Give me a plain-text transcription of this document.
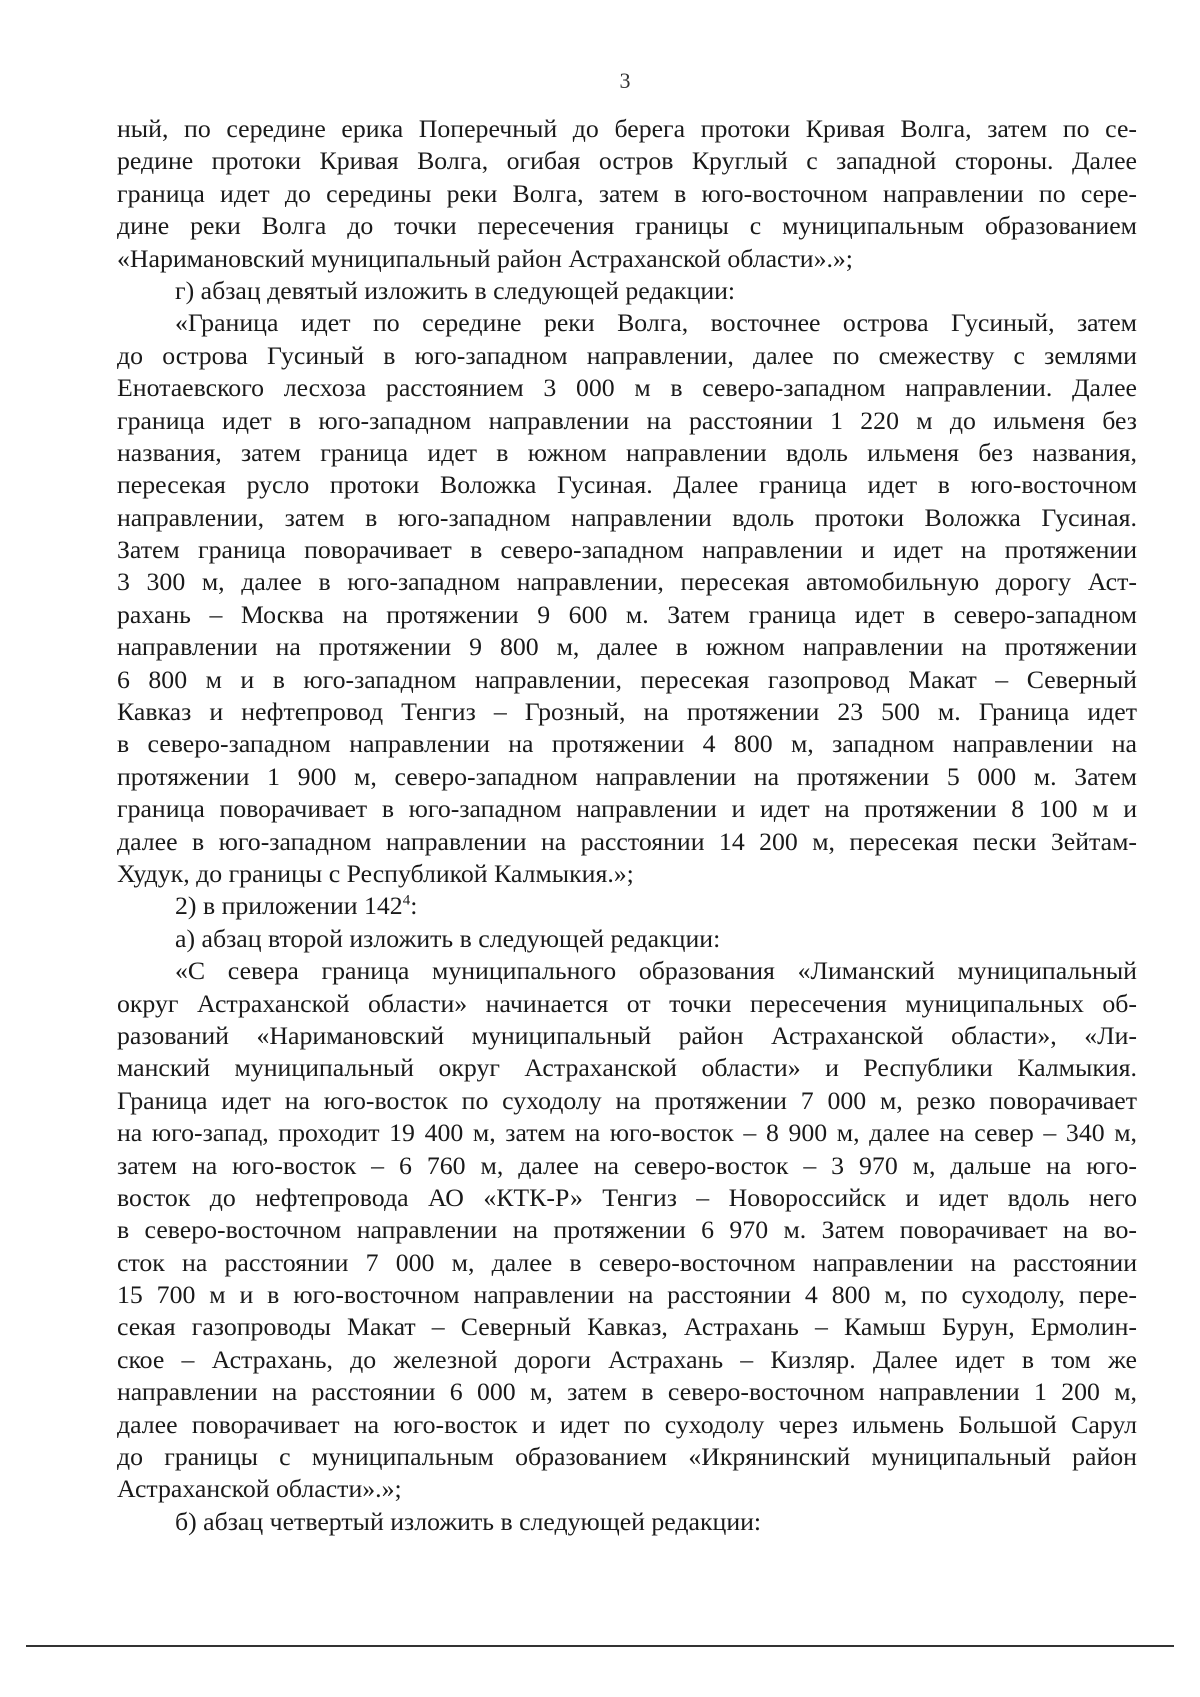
3
ный, по середине ерика Поперечный до берега протоки Кривая Волга, затем по се-
редине протоки Кривая Волга, огибая остров Круглый с западной стороны. Далее
граница идет до середины реки Волга, затем в юго-восточном направлении по сере-
дине реки Волга до точки пересечения границы с муниципальным образованием
«Наримановский муниципальный район Астраханской области».»;
г) абзац девятый изложить в следующей редакции:
«Граница идет по середине реки Волга, восточнее острова Гусиный, затем
до острова Гусиный в юго-западном направлении, далее по смежеству с землями
Енотаевского лесхоза расстоянием 3 000 м в северо-западном направлении. Далее
граница идет в юго-западном направлении на расстоянии 1 220 м до ильменя без
названия, затем граница идет в южном направлении вдоль ильменя без названия,
пересекая русло протоки Воложка Гусиная. Далее граница идет в юго-восточном
направлении, затем в юго-западном направлении вдоль протоки Воложка Гусиная.
Затем граница поворачивает в северо-западном направлении и идет на протяжении
3 300 м, далее в юго-западном направлении, пересекая автомобильную дорогу Аст-
рахань – Москва на протяжении 9 600 м. Затем граница идет в северо-западном
направлении на протяжении 9 800 м, далее в южном направлении на протяжении
6 800 м и в юго-западном направлении, пересекая газопровод Макат – Северный
Кавказ и нефтепровод Тенгиз – Грозный, на протяжении 23 500 м. Граница идет
в северо-западном направлении на протяжении 4 800 м, западном направлении на
протяжении 1 900 м, северо-западном направлении на протяжении 5 000 м. Затем
граница поворачивает в юго-западном направлении и идет на протяжении 8 100 м и
далее в юго-западном направлении на расстоянии 14 200 м, пересекая пески Зейтам-
Худук, до границы с Республикой Калмыкия.»;
2) в приложении $142^4$:
а) абзац второй изложить в следующей редакции:
«С севера граница муниципального образования «Лиманский муниципальный
округ Астраханской области» начинается от точки пересечения муниципальных об-
разований «Наримановский муниципальный район Астраханской области», «Ли-
манский муниципальный округ Астраханской области» и Республики Калмыкия.
Граница идет на юго-восток по суходолу на протяжении 7 000 м, резко поворачивает
на юго-запад, проходит 19 400 м, затем на юго-восток – 8 900 м, далее на север – 340 м,
затем на юго-восток – 6 760 м, далее на северо-восток – 3 970 м, дальше на юго-
восток до нефтепровода АО «КТК-Р» Тенгиз – Новороссийск и идет вдоль него
в северо-восточном направлении на протяжении 6 970 м. Затем поворачивает на во-
сток на расстоянии 7 000 м, далее в северо-восточном направлении на расстоянии
15 700 м и в юго-восточном направлении на расстоянии 4 800 м, по суходолу, пере-
секая газопроводы Макат – Северный Кавказ, Астрахань – Камыш Бурун, Ермолин-
ское – Астрахань, до железной дороги Астрахань – Кизляр. Далее идет в том же
направлении на расстоянии 6 000 м, затем в северо-восточном направлении 1 200 м,
далее поворачивает на юго-восток и идет по суходолу через ильмень Большой Сарул
до границы с муниципальным образованием «Икрянинский муниципальный район
Астраханской области».»;
б) абзац четвертый изложить в следующей редакции:
